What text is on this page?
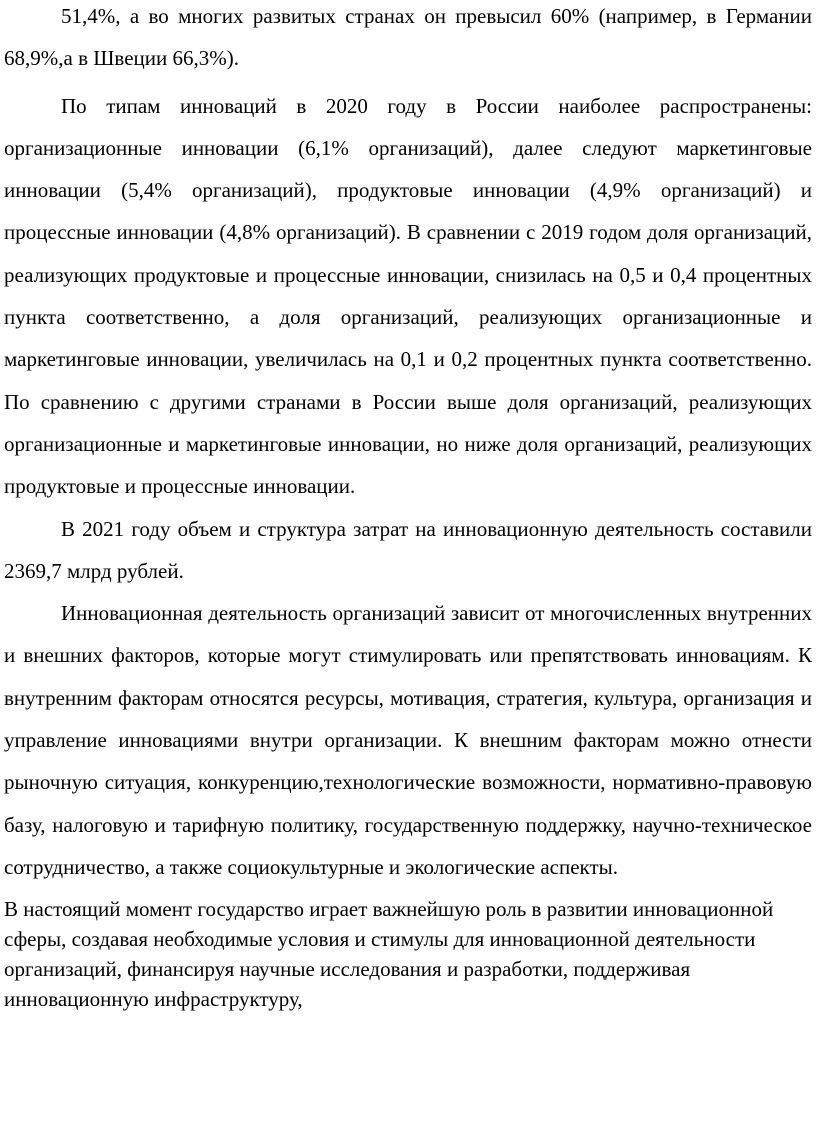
51,4%, а во многих развитых странах он превысил 60% (например, в Германии 68,9%,а в Швеции 66,3%).

По типам инноваций в 2020 году в России наиболее распространены: организационные инновации (6,1% организаций), далее следуют маркетинговые инновации (5,4% организаций), продуктовые инновации (4,9% организаций) и процессные инновации (4,8% организаций). В сравнении с 2019 годом доля организаций, реализующих продуктовые и процессные инновации, снизилась на 0,5 и 0,4 процентных пункта соответственно, а доля организаций, реализующих организационные и маркетинговые инновации, увеличилась на 0,1 и 0,2 процентных пункта соответственно. По сравнению с другими странами в России выше доля организаций, реализующих организационные и маркетинговые инновации, но ниже доля организаций, реализующих продуктовые и процессные инновации.

В 2021 году объем и структура затрат на инновационную деятельность составили 2369,7 млрд рублей.

Инновационная деятельность организаций зависит от многочисленных внутренних и внешних факторов, которые могут стимулировать или препятствовать инновациям. К внутренним факторам относятся ресурсы, мотивация, стратегия, культура, организация и управление инновациями внутри организации. К внешним факторам можно отнести рыночную ситуация, конкуренцию,технологические возможности, нормативно-правовую базу, налоговую и тарифную политику, государственную поддержку, научно-техническое сотрудничество, а также социокультурные и экологические аспекты.

В настоящий момент государство играет важнейшую роль в развитии инновационной сферы, создавая необходимые условия и стимулы для инновационной деятельности организаций, финансируя научные исследования и разработки, поддерживая инновационную инфраструктуру,
